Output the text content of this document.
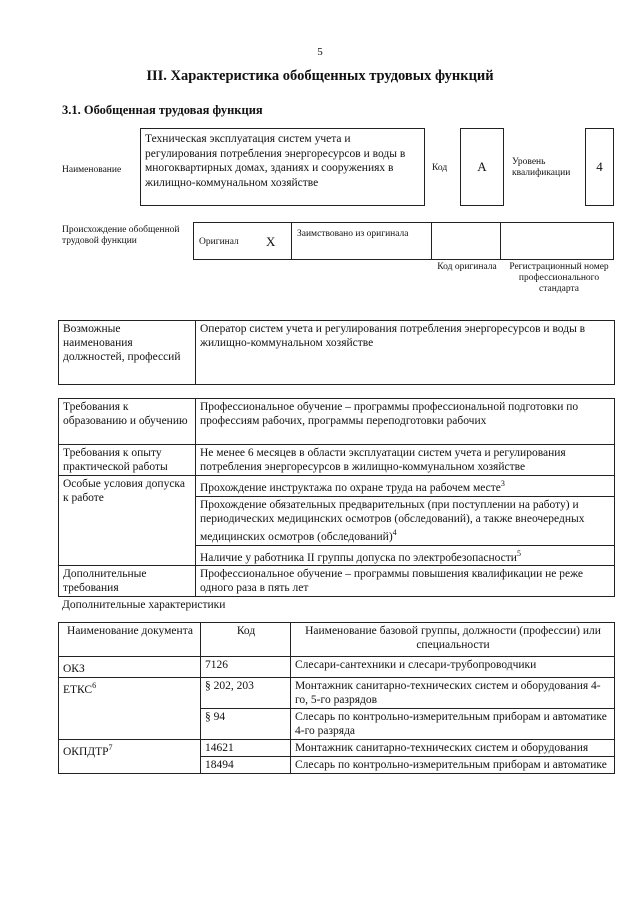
5
III. Характеристика обобщенных трудовых функций
3.1. Обобщенная трудовая функция
Наименование
Техническая эксплуатация систем учета и регулирования потребления энергоресурсов и воды в многоквартирных домах, зданиях и сооружениях в жилищно-коммунальном хозяйстве
Код	A	Уровень квалификации	4
Происхождение обобщенной трудовой функции	Оригинал X Заимствовано из оригинала
Код оригинала	Регистрационный номер профессионального стандарта
Возможные наименования должностей, профессий	Оператор систем учета и регулирования потребления энергоресурсов и воды в жилищно-коммунальном хозяйстве
Требования к образованию и обучению	Профессиональное обучение – программы профессиональной подготовки по профессиям рабочих, программы переподготовки рабочих
Требования к опыту практической работы	Не менее 6 месяцев в области эксплуатации систем учета и регулирования потребления энергоресурсов в жилищно-коммунальном хозяйстве
Особые условия допуска к работе	Прохождение инструктажа по охране труда на рабочем месте$^3$
	Прохождение обязательных предварительных (при поступлении на работу) и периодических медицинских осмотров (обследований), а также внеочередных медицинских осмотров (обследований)$^4$
	Наличие у работника II группы допуска по электробезопасности$^5$
Дополнительные требования	Профессиональное обучение – программы повышения квалификации не реже одного раза в пять лет
Дополнительные характеристики
Наименование документа	Код	Наименование базовой группы, должности (профессии) или специальности
ОКЗ	7126	Слесари-сантехники и слесари-трубопроводчики
ЕТКС$^6$	§ 202, 203	Монтажник санитарно-технических систем и оборудования 4-го, 5-го разрядов
	§ 94	Слесарь по контрольно-измерительным приборам и автоматике 4-го разряда
ОКПДТР$^7$	14621	Монтажник санитарно-технических систем и оборудования
	18494	Слесарь по контрольно-измерительным приборам и автоматике
